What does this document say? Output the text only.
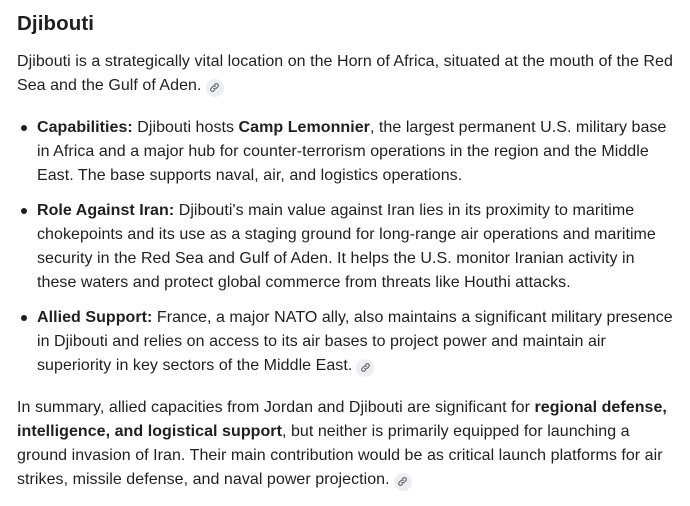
Djibouti

Djibouti is a strategically vital location on the Horn of Africa, situated at the mouth of the Red Sea and the Gulf of Aden.

Capabilities: Djibouti hosts Camp Lemonnier, the largest permanent U.S. military base in Africa and a major hub for counter-terrorism operations in the region and the Middle East. The base supports naval, air, and logistics operations.
Role Against Iran: Djibouti's main value against Iran lies in its proximity to maritime chokepoints and its use as a staging ground for long-range air operations and maritime security in the Red Sea and Gulf of Aden. It helps the U.S. monitor Iranian activity in these waters and protect global commerce from threats like Houthi attacks.
Allied Support: France, a major NATO ally, also maintains a significant military presence in Djibouti and relies on access to its air bases to project power and maintain air superiority in key sectors of the Middle East.

In summary, allied capacities from Jordan and Djibouti are significant for regional defense, intelligence, and logistical support, but neither is primarily equipped for launching a ground invasion of Iran. Their main contribution would be as critical launch platforms for air strikes, missile defense, and naval power projection.
